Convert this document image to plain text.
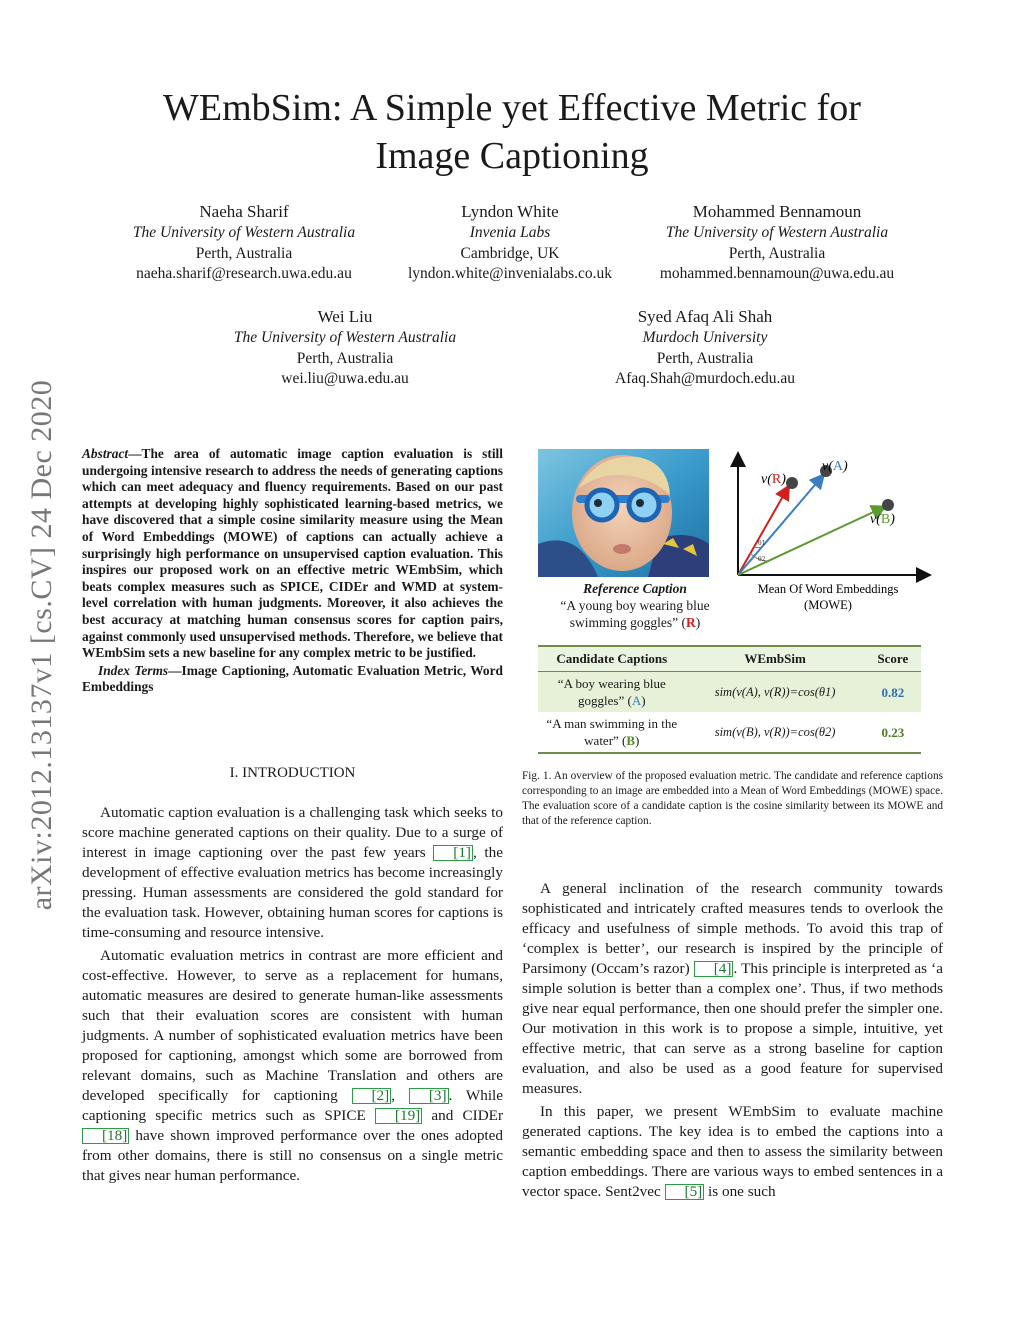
arXiv:2012.13137v1 [cs.CV] 24 Dec 2020
WEmbSim: A Simple yet Effective Metric for
Image Captioning
Naeha Sharif
The University of Western Australia
Perth, Australia
naeha.sharif@research.uwa.edu.au
Lyndon White
Invenia Labs
Cambridge, UK
lyndon.white@invenialabs.co.uk
Mohammed Bennamoun
The University of Western Australia
Perth, Australia
mohammed.bennamoun@uwa.edu.au
Wei Liu
The University of Western Australia
Perth, Australia
wei.liu@uwa.edu.au
Syed Afaq Ali Shah
Murdoch University
Perth, Australia
Afaq.Shah@murdoch.edu.au

Abstract—The area of automatic image caption evaluation is still undergoing intensive research to address the needs of generating captions which can meet adequacy and fluency requirements. Based on our past attempts at developing highly sophisticated learning-based metrics, we have discovered that a simple cosine similarity measure using the Mean of Word Embeddings (MOWE) of captions can actually achieve a surprisingly high performance on unsupervised caption evaluation. This inspires our proposed work on an effective metric WEmbSim, which beats complex measures such as SPICE, CIDEr and WMD at system-level correlation with human judgments. Moreover, it also achieves the best accuracy at matching human consensus scores for caption pairs, against commonly used unsupervised methods. Therefore, we believe that WEmbSim sets a new baseline for any complex metric to be justified.

Index Terms—Image Captioning, Automatic Evaluation Metric, Word Embeddings

I. INTRODUCTION

Automatic caption evaluation is a challenging task which seeks to score machine generated captions on their quality. Due to a surge of interest in image captioning over the past few years [1] , the development of effective evaluation metrics has become increasingly pressing. Human assessments are considered the gold standard for the evaluation task. However, obtaining human scores for captions is time-consuming and resource intensive.

Automatic evaluation metrics in contrast are more efficient and cost-effective. However, to serve as a replacement for humans, automatic measures are desired to generate human-like assessments such that their evaluation scores are consistent with human judgments. A number of sophisticated evaluation metrics have been proposed for captioning, amongst which some are borrowed from relevant domains, such as Machine Translation and others are developed specifically for captioning [2] , [3] . While captioning specific metrics such as SPICE [19] and CIDEr [18] have shown improved performance over the ones adopted from other domains, there is still no consensus on a single metric that gives near human performance.

A general inclination of the research community towards sophisticated and intricately crafted measures tends to overlook the efficacy and usefulness of simple methods. To avoid this trap of ‘complex is better’, our research is inspired by the principle of Parsimony (Occam’s razor) [4] . This principle is interpreted as ‘a simple solution is better than a complex one’. Thus, if two methods give near equal performance, then one should prefer the simpler one. Our motivation in this work is to propose a simple, intuitive, yet effective metric, that can serve as a strong baseline for caption evaluation, and also be used as a good feature for supervised measures.

In this paper, we present WEmbSim to evaluate machine generated captions. The key idea is to embed the captions into a semantic embedding space and then to assess the similarity between caption embeddings. There are various ways to embed sentences in a vector space. Sent2vec [5] is one such

Reference Caption
“A young boy wearing blue
swimming goggles” (R)
θ1
θ2
v(R)
v(A)
v(B)
Mean Of Word Embeddings
(MOWE)
Candidate Captions	WEmbSim	Score

“A boy wearing blue
goggles” (A)	sim(v(A), v(R))=cos(θ1)	0.82

“A man swimming in the
water” (B)	sim(v(B), v(R))=cos(θ2)	0.23
Fig. 1. An overview of the proposed evaluation metric. The candidate and reference captions corresponding to an image are embedded into a Mean of Word Embeddings (MOWE) space. The evaluation score of a candidate caption is the cosine similarity between its MOWE and that of the reference caption.
